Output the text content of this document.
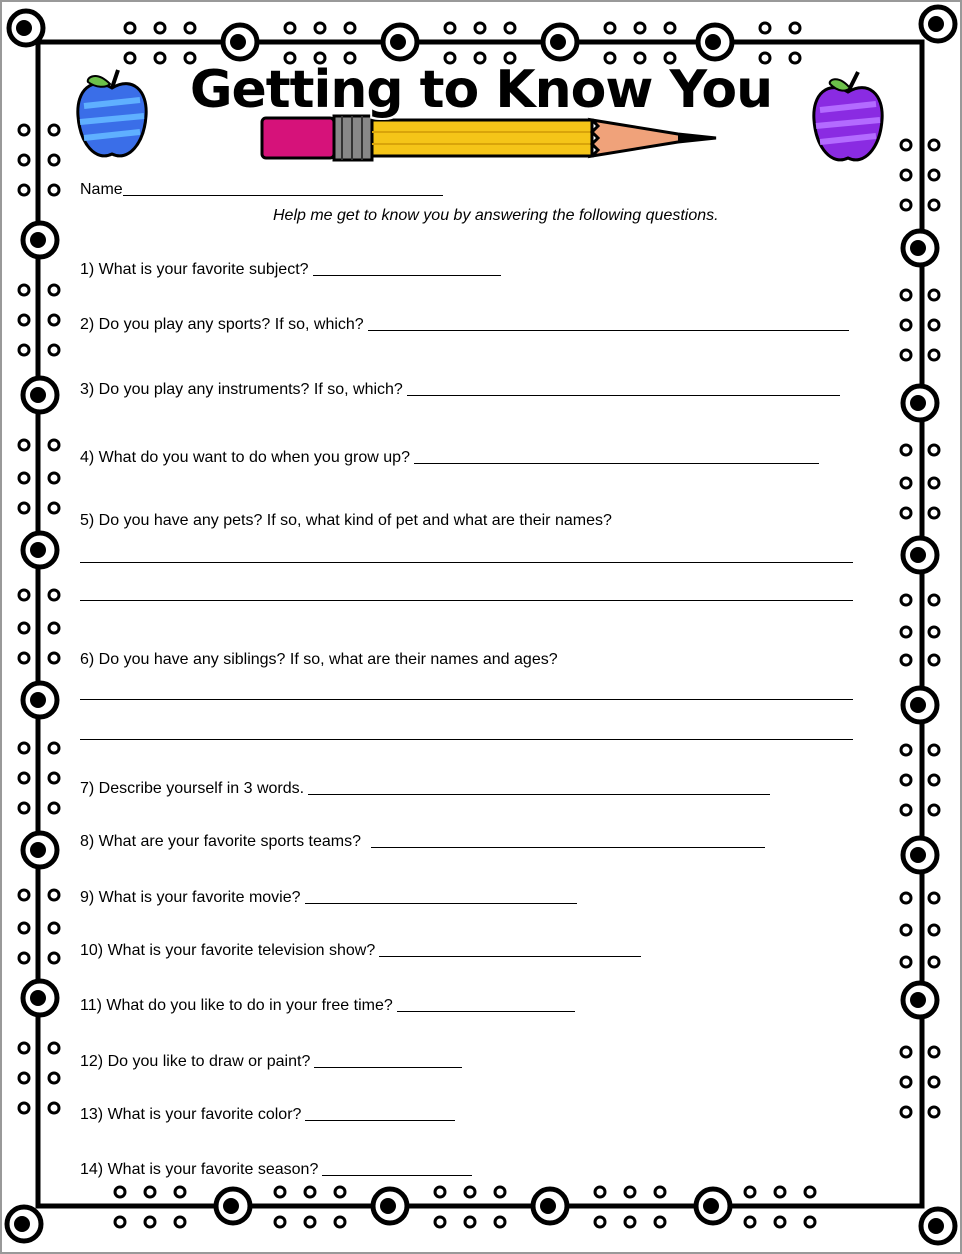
Getting to Know You
Name
Help me get to know you by answering the following questions.
1) What is your favorite subject?
2) Do you play any sports? If so, which?
3) Do you play any instruments? If so, which?
4) What do you want to do when you grow up?
5) Do you have any pets? If so, what kind of pet and what are their names?
6) Do you have any siblings? If so, what are their names and ages?
7) Describe yourself in 3 words.
8) What are your favorite sports teams?
9) What is your favorite movie?
10) What is your favorite television show?
11) What do you like to do in your free time?
12) Do you like to draw or paint?
13) What is your favorite color?
14) What is your favorite season?
